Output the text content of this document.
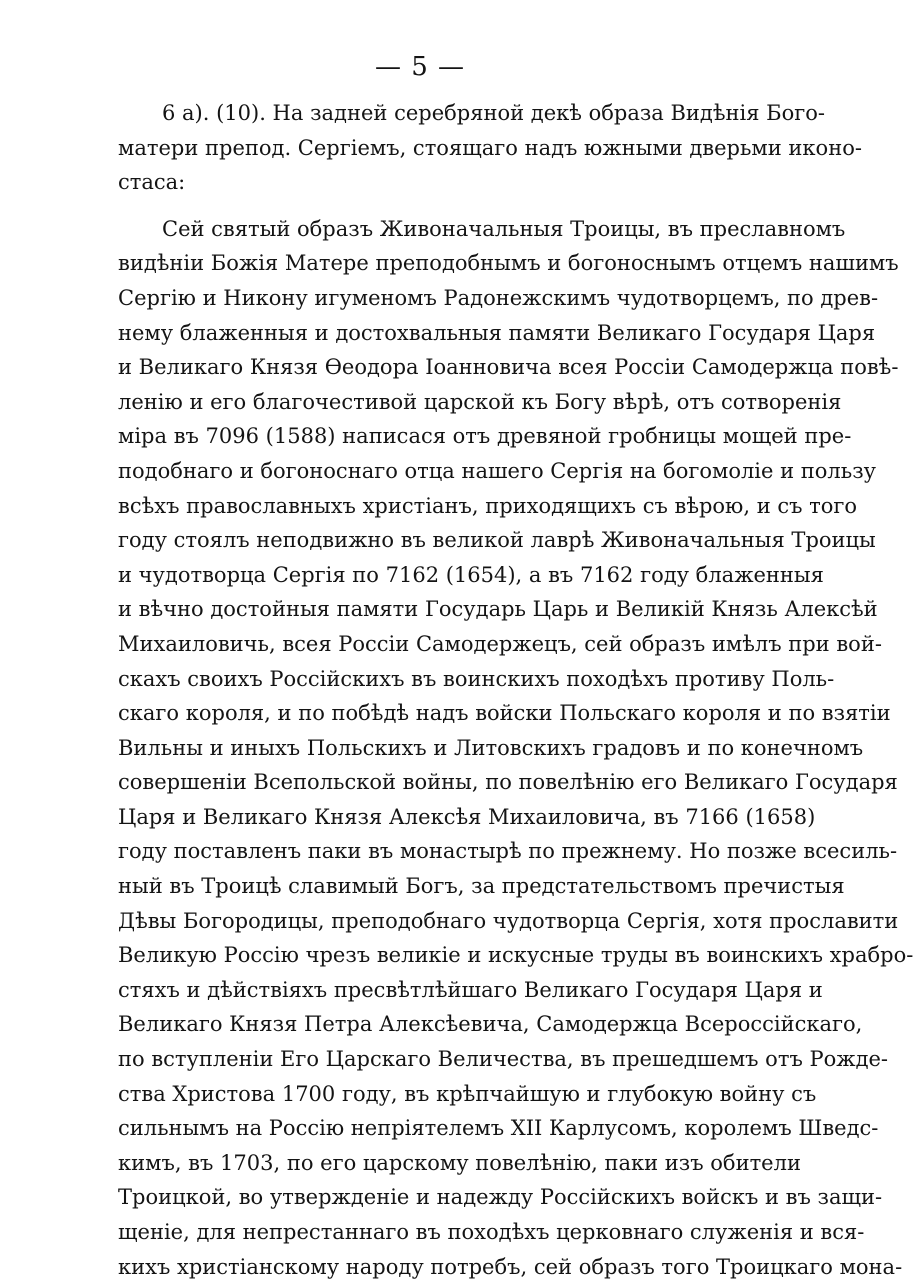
— 5 —
6 а). (10). На задней серебряной декѣ образа Видѣнія Бого-
матери препод. Сергіемъ, стоящаго надъ южными дверьми иконо-
стаса:
Сей святый образъ Живоначальныя Троицы, въ преславномъ
видѣніи Божія Матере преподобнымъ и богоноснымъ отцемъ нашимъ
Сергію и Никону игуменомъ Радонежскимъ чудотворцемъ, по древ-
нему блаженныя и достохвальныя памяти Великаго Государя Царя
и Великаго Князя Ѳеодора Іоанновича всея Россіи Самодержца повѣ-
ленію и его благочестивой царской къ Богу вѣрѣ, отъ сотворенія
міра въ 7096 (1588) написася отъ древяной гробницы мощей пре-
подобнаго и богоноснаго отца нашего Сергія на богомоліе и пользу
всѣхъ православныхъ христіанъ, приходящихъ съ вѣрою, и съ того
году стоялъ неподвижно въ великой лаврѣ Живоначальныя Троицы
и чудотворца Сергія по 7162 (1654), а въ 7162 году блаженныя
и вѣчно достойныя памяти Государь Царь и Великій Князь Алексѣй
Михаиловичь, всея Россіи Самодержецъ, сей образъ имѣлъ при вой-
скахъ своихъ Россійскихъ въ воинскихъ походѣхъ противу Поль-
скаго короля, и по побѣдѣ надъ войски Польскаго короля и по взятіи
Вильны и иныхъ Польскихъ и Литовскихъ градовъ и по конечномъ
совершеніи Всепольской войны, по повелѣнію его Великаго Государя
Царя и Великаго Князя Алексѣя Михаиловича, въ 7166 (1658)
году поставленъ паки въ монастырѣ по прежнему. Но позже всесиль-
ный въ Троицѣ славимый Богъ, за предстательствомъ пречистыя
Дѣвы Богородицы, преподобнаго чудотворца Сергія, хотя прославити
Великую Россію чрезъ великіе и искусные труды въ воинскихъ храбро-
стяхъ и дѣйствіяхъ пресвѣтлѣйшаго Великаго Государя Царя и
Великаго Князя Петра Алексѣевича, Самодержца Всероссійскаго,
по вступленіи Его Царскаго Величества, въ прешедшемъ отъ Рожде-
ства Христова 1700 году, въ крѣпчайшую и глубокую войну съ
сильнымъ на Россію непріятелемъ XII Карлусомъ, королемъ Шведс-
кимъ, въ 1703, по его царскому повелѣнію, паки изъ обители
Троицкой, во утвержденіе и надежду Россійскихъ войскъ и въ защи-
щеніе, для непрестаннаго въ походѣхъ церковнаго служенія и вся-
кихъ христіанскому народу потребъ, сей образъ того Троицкаго мона-
